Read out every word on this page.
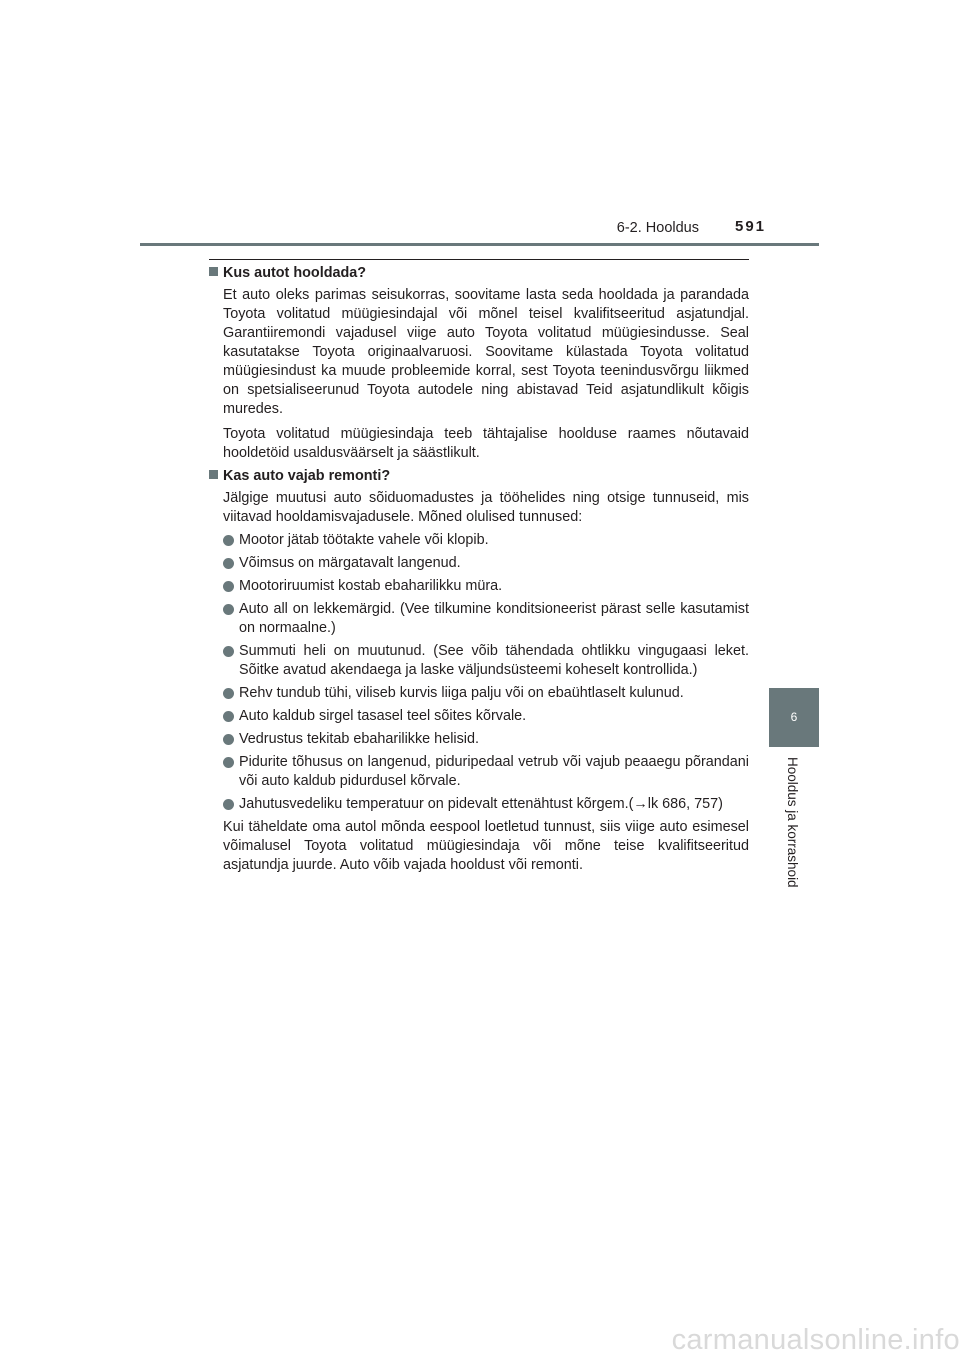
6-2. Hooldus 591
6
Hooldus ja korrashoid

Kus autot hooldada?

Et auto oleks parimas seisukorras, soovitame lasta seda hooldada ja parandada Toyota volitatud müügiesindajal või mõnel teisel kvalifitseeritud asjatundjal. Garantiiremondi vajadusel viige auto Toyota volitatud müügiesindusse. Seal kasutatakse Toyota originaalvaruosi. Soovitame külastada Toyota volitatud müügiesindust ka muude probleemide korral, sest Toyota teenindusvõrgu liikmed on spetsialiseerunud Toyota autodele ning abistavad Teid asjatundlikult kõigis muredes.

Toyota volitatud müügiesindaja teeb tähtajalise hoolduse raames nõutavaid hooldetöid usaldusväärselt ja säästlikult.

Kas auto vajab remonti?

Jälgige muutusi auto sõiduomadustes ja tööhelides ning otsige tunnuseid, mis viitavad hooldamisvajadusele. Mõned olulised tunnused:

Mootor jätab töötakte vahele või klopib.
Võimsus on märgatavalt langenud.
Mootoriruumist kostab ebaharilikku müra.
Auto all on lekkemärgid. (Vee tilkumine konditsioneerist pärast selle kasutamist on normaalne.)
Summuti heli on muutunud. (See võib tähendada ohtlikku vingugaasi leket. Sõitke avatud akendaega ja laske väljundsüsteemi koheselt kontrollida.)
Rehv tundub tühi, viliseb kurvis liiga palju või on ebaühtlaselt kulunud.
Auto kaldub sirgel tasasel teel sõites kõrvale.
Vedrustus tekitab ebaharilikke helisid.
Pidurite tõhusus on langenud, piduripedaal vetrub või vajub peaaegu põrandani või auto kaldub pidurdusel kõrvale.
Jahutusvedeliku temperatuur on pidevalt ettenähtust kõrgem.(→lk 686, 757)

Kui täheldate oma autol mõnda eespool loetletud tunnust, siis viige auto esimesel võimalusel Toyota volitatud müügiesindaja või mõne teise kvalifitseeritud asjatundja juurde. Auto võib vajada hooldust või remonti.

carmanualsonline.info
